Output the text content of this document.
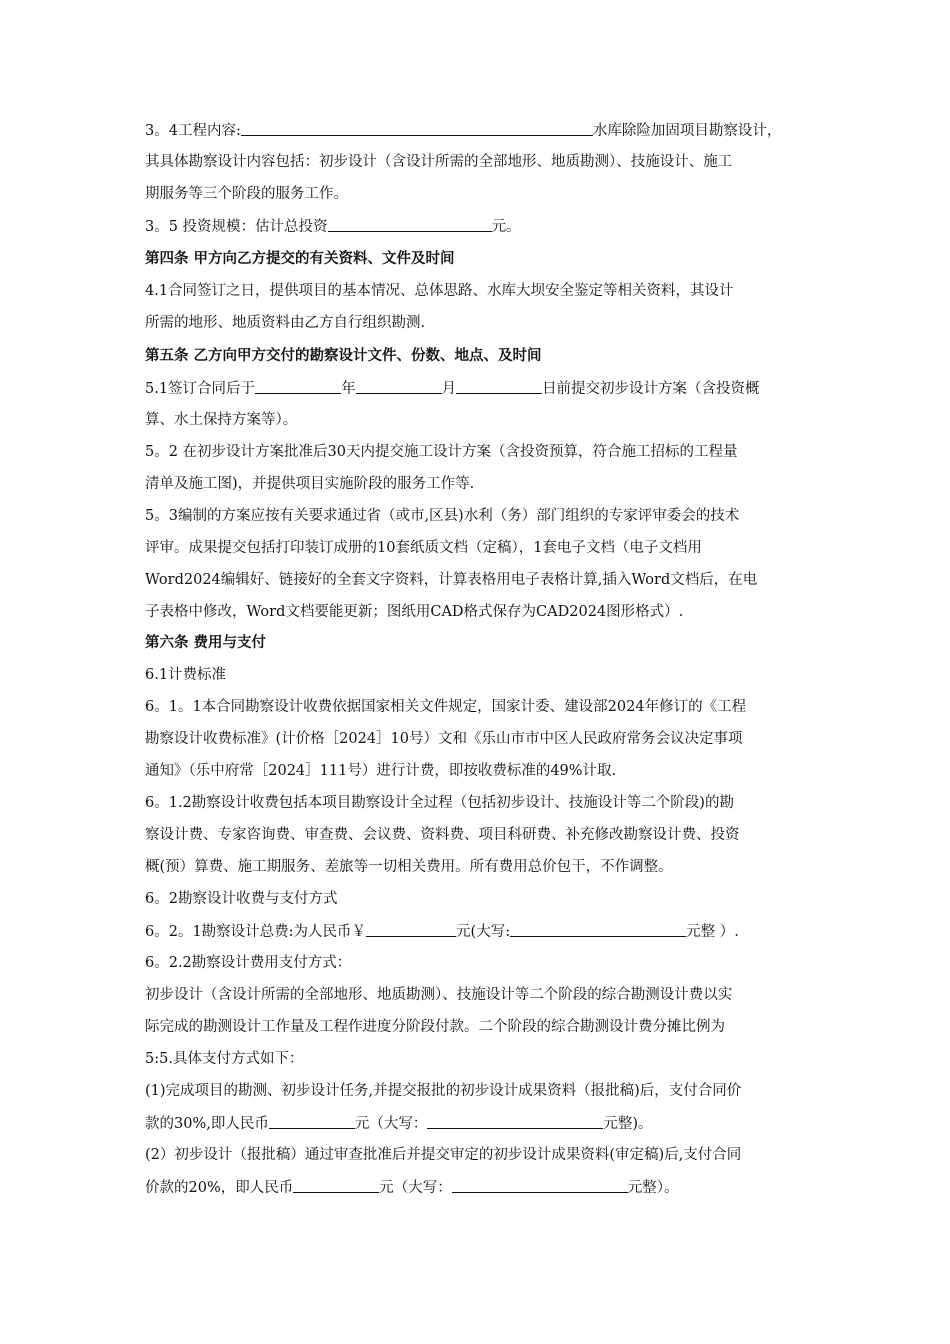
3。4工程内容:	水库除险加固项目勘察设计，
其具体勘察设计内容包括：初步设计（含设计所需的全部地形、地质勘测）、技施设计、施工
期服务等三个阶段的服务工作。
3。5 投资规模：估计总投资	元。
第四条 甲方向乙方提交的有关资料、文件及时间
4.1合同签订之日，提供项目的基本情况、总体思路、水库大坝安全鉴定等相关资料，其设计
所需的地形、地质资料由乙方自行组织勘测.
第五条 乙方向甲方交付的勘察设计文件、份数、地点、及时间
5.1签订合同后于	年	月	日前提交初步设计方案（含投资概
算、水土保持方案等）。
5。2 在初步设计方案批准后30天内提交施工设计方案（含投资预算，符合施工招标的工程量
清单及施工图)，并提供项目实施阶段的服务工作等.
5。3编制的方案应按有关要求通过省（或市,区县)水利（务）部门组织的专家评审委会的技术
评审。成果提交包括打印装订成册的10套纸质文档（定稿），1套电子文档（电子文档用
Word2024编辑好、链接好的全套文字资料，计算表格用电子表格计算,插入Word文档后，在电
子表格中修改，Word文档要能更新；图纸用CAD格式保存为CAD2024图形格式）.
第六条 费用与支付
6.1计费标准
6。1。1本合同勘察设计收费依据国家相关文件规定，国家计委、建设部2024年修订的《工程
勘察设计收费标准》(计价格［2024］10号）文和《乐山市市中区人民政府常务会议决定事项
通知》（乐中府常［2024］111号）进行计费，即按收费标准的49%计取.
6。1.2勘察设计收费包括本项目勘察设计全过程（包括初步设计、技施设计等二个阶段)的勘
察设计费、专家咨询费、审查费、会议费、资料费、项目科研费、补充修改勘察设计费、投资
概(预）算费、施工期服务、差旅等一切相关费用。所有费用总价包干，不作调整。
6。2勘察设计收费与支付方式
6。2。1勘察设计总费:为人民币￥	元(大写:	元整 ）.
6。2.2勘察设计费用支付方式：
初步设计（含设计所需的全部地形、地质勘测）、技施设计等二个阶段的综合勘测设计费以实
际完成的勘测设计工作量及工程作进度分阶段付款。二个阶段的综合勘测设计费分摊比例为
5:5.具体支付方式如下：
(1)完成项目的勘测、初步设计任务,并提交报批的初步设计成果资料（报批稿)后，支付合同价
款的30%,即人民币	元（大写：	元整)。
(2）初步设计（报批稿）通过审查批准后并提交审定的初步设计成果资料(审定稿)后,支付合同
价款的20%，即人民币	元（大写：	元整）。
